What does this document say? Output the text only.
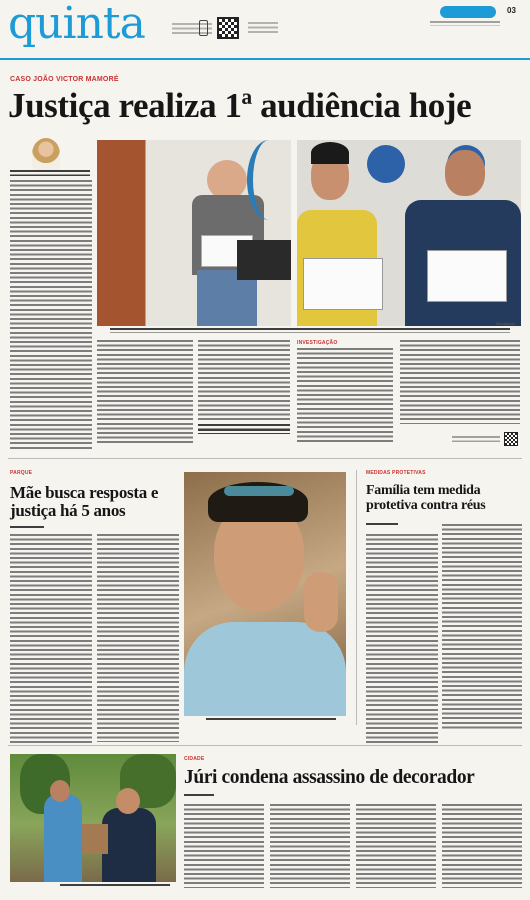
quinta	03
CASO JOÃO VICTOR MAMORÉ
Justiça realiza 1ª audiência hoje
Divulgação
INVESTIGAÇÃO
PARQUE
Mãe busca resposta e justiça há 5 anos
MEDIDAS PROTETIVAS
Família tem medida protetiva contra réus
CIDADE
Júri condena assassino de decorador
